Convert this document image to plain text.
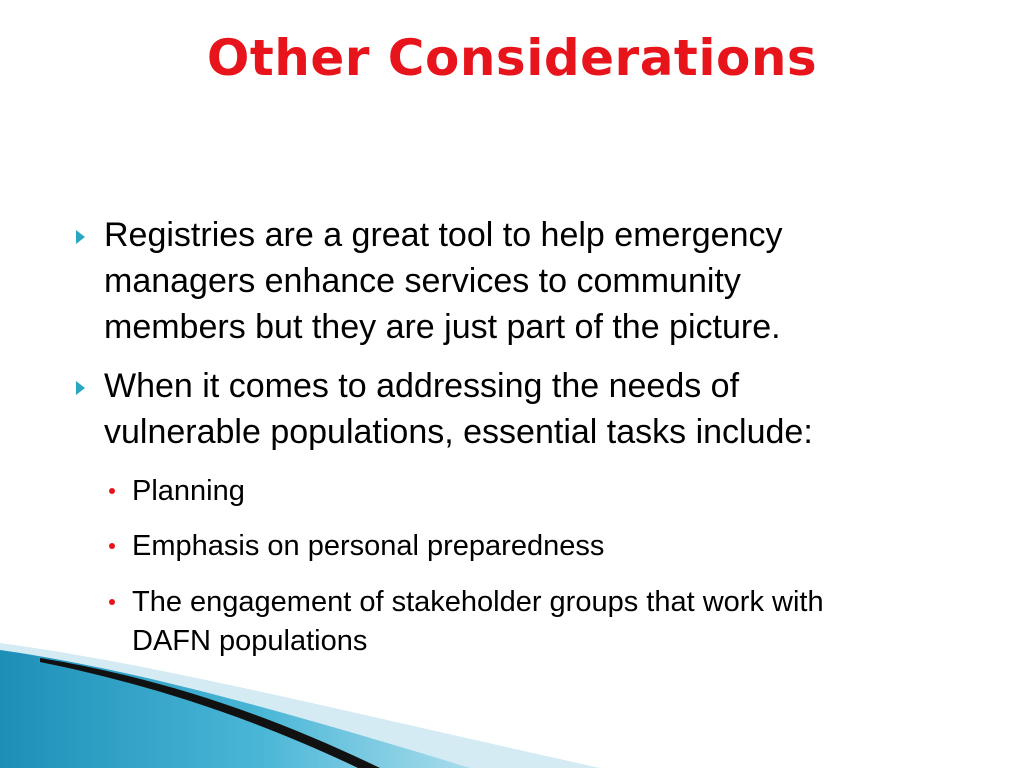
Other Considerations
Registries are a great tool to help emergency
managers enhance services to community
members but they are just part of the picture.
When it comes to addressing the needs of
vulnerable populations, essential tasks include:
Planning
Emphasis on personal preparedness
The engagement of stakeholder groups that work with
DAFN populations
